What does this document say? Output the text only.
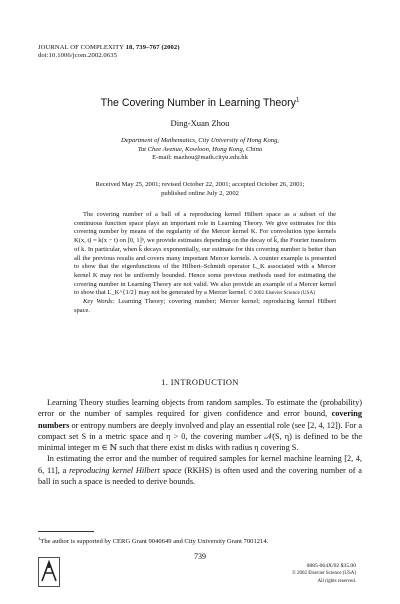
JOURNAL OF COMPLEXITY 18, 739–767 (2002)
doi:10.1006/jcom.2002.0635
The Covering Number in Learning Theory$^1$
Ding-Xuan Zhou
Department of Mathematics, City University of Hong Kong,
Tat Chee Avenue, Kowloon, Hong Kong, China
E-mail: mazhou@math.cityu.edu.hk
Received May 25, 2001; revised October 22, 2001; accepted October 26, 2001;
published online July 2, 2002

The covering number of a ball of a reproducing kernel Hilbert space as a subset of the continuous function space plays an important role in Learning Theory. We give estimates for this covering number by means of the regularity of the Mercer kernel K. For convolution type kernels K(x, t) = k(x − t) on [0, 1]ⁿ, we provide estimates depending on the decay of k̂, the Fourier transform of k. In particular, when k̂ decays exponentially, our estimate for this covering number is better than all the previous results and covers many important Mercer kernels. A counter example is presented to show that the eigenfunctions of the Hilbert–Schmidt operator L_K associated with a Mercer kernel K may not be uniformly bounded. Hence some previous methods used for estimating the covering number in Learning Theory are not valid. We also provide an example of a Mercer kernel to show that L_K^{1/2} may not be generated by a Mercer kernel. © 2002 Elsevier Science (USA)

Key Words: Learning Theory; covering number; Mercer kernel; reproducing kernel Hilbert space.

1. INTRODUCTION

Learning Theory studies learning objects from random samples. To estimate the (probability) error or the number of samples required for given confidence and error bound, covering numbers or entropy numbers are deeply involved and play an essential role (see [2, 4, 12]). For a compact set S in a metric space and η > 0, the covering number 𝒩(S, η) is defined to be the minimal integer m ∈ ℕ such that there exist m disks with radius η covering S.

In estimating the error and the number of required samples for kernel machine learning [2, 4, 6, 11], a reproducing kernel Hilbert space (RKHS) is often used and the covering number of a ball in such a space is needed to derive bounds.

$^1$The author is supported by CERG Grant 9040649 and City University Grant 7001214.
739
0885-064X/02 $35.00
© 2002 Elsevier Science (USA)
All rights reserved.
